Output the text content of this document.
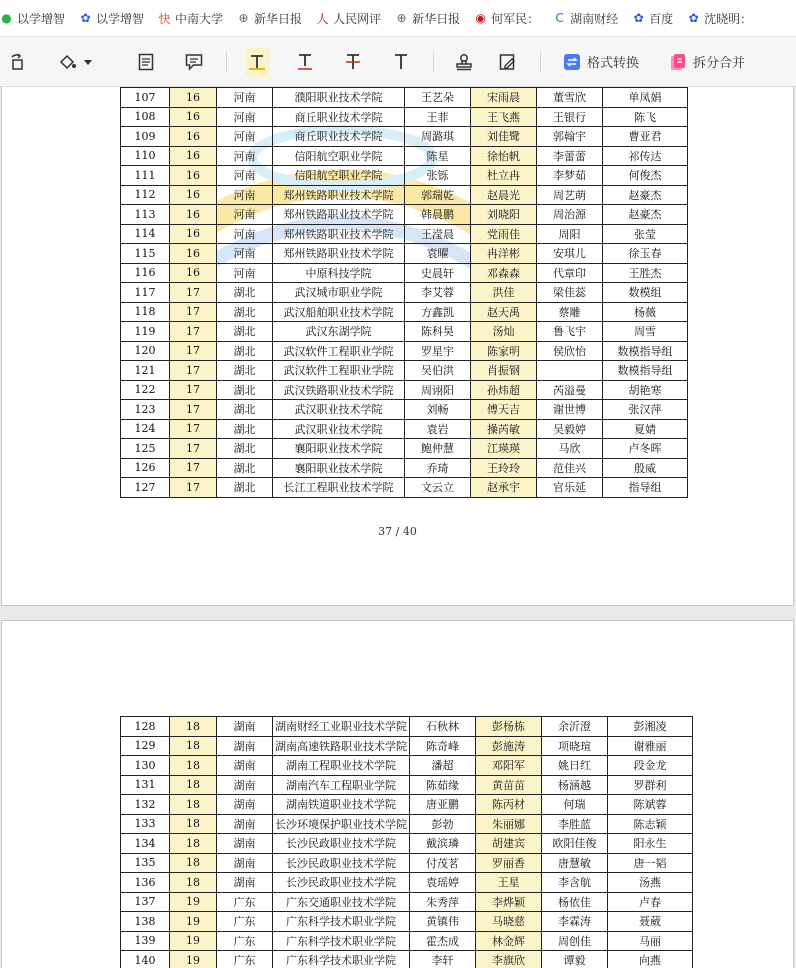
● 以学增智 ✿ 以学增智 快 中南大学 ⊕ 新华日报 人 人民网评 ⊕ 新华日报 ◉ 何军民： C 湖南财经 ✿ 百度 ✿ 沈晓明：
格式转换	拆分合并
107	16	河南	濮阳职业技术学院	王艺朵	宋雨晨	董雪欣	单凤娟
108	16	河南	商丘职业技术学院	王菲	王飞燕	王银行	陈飞
109	16	河南	商丘职业技术学院	周潞琪	刘佳鹭	郭翰宇	曹亚君
110	16	河南	信阳航空职业学院	陈星	徐怡帆	李蕾蕾	祁传达
111	16	河南	信阳航空职业学院	张铄	杜立冉	李梦茹	何俊杰
112	16	河南	郑州铁路职业技术学院	郭瑞乾	赵晨光	周艺萌	赵豪杰
113	16	河南	郑州铁路职业技术学院	韩晨鹏	刘晓阳	周治源	赵豪杰
114	16	河南	郑州铁路职业技术学院	王滢晨	党雨佳	周阳	张莹
115	16	河南	郑州铁路职业技术学院	袁曜	冉洋彬	安琪儿	徐玉春
116	16	河南	中原科技学院	史晨轩	邓森森	代章印	王胜杰
117	17	湖北	武汉城市职业学院	李艾蓉	洪佳	梁佳蕊	数模组
118	17	湖北	武汉船舶职业技术学院	方鑫凯	赵天禹	蔡雕	杨薇
119	17	湖北	武汉东湖学院	陈科昊	汤灿	鲁飞宇	周雪
120	17	湖北	武汉软件工程职业学院	罗星宇	陈家明	侯欣怡	数模指导组
121	17	湖北	武汉软件工程职业学院	吴伯洪	肖振钢		数模指导组
122	17	湖北	武汉铁路职业技术学院	周诩阳	孙炜超	芮溢曼	胡艳寒
123	17	湖北	武汉职业技术学院	刘畅	傅天吉	谢世博	张汉萍
124	17	湖北	武汉职业技术学院	袁岩	操芮敏	吴毅婷	夏婧
125	17	湖北	襄阳职业技术学院	鲍仲慧	江瑛瑛	马欣	卢冬晖
126	17	湖北	襄阳职业技术学院	乔琦	王玲玲	范佳兴	殷威
127	17	湖北	长江工程职业技术学院	文云立	赵承宇	官乐延	指导组
37 / 40
128	18	湖南	湖南财经工业职业技术学院	石秋林	彭杨栋	余沂澄	彭湘凌
129	18	湖南	湖南高速铁路职业技术学院	陈奇峰	彭施涛	项晓瑄	谢雅丽
130	18	湖南	湖南工程职业技术学院	潘超	邓阳军	姚日红	段金龙
131	18	湖南	湖南汽车工程职业学院	陈茹缘	黄苗苗	杨涵越	罗群利
132	18	湖南	湖南铁道职业技术学院	唐亚鹏	陈丙材	何瑞	陈斌蓉
133	18	湖南	长沙环境保护职业技术学院	彭勃	朱丽娜	李胜蓝	陈志颖
134	18	湖南	长沙民政职业技术学院	戴滨璘	胡建宾	欧阳佳俊	阳永生
135	18	湖南	长沙民政职业技术学院	付茂茗	罗丽香	唐慧敏	唐一韬
136	18	湖南	长沙民政职业技术学院	袁瑶婷	王星	李含航	汤燕
137	19	广东	广东交通职业技术学院	朱秀萍	李烨颖	杨依佳	卢春
138	19	广东	广东科学技术职业学院	黄镇伟	马晓慈	李霖涛	聂葳
139	19	广东	广东科学技术职业学院	霍杰成	林金辉	周创佳	马丽
140	19	广东	广东科学技术职业学院	李轩	李旗欣	谭毅	向燕
